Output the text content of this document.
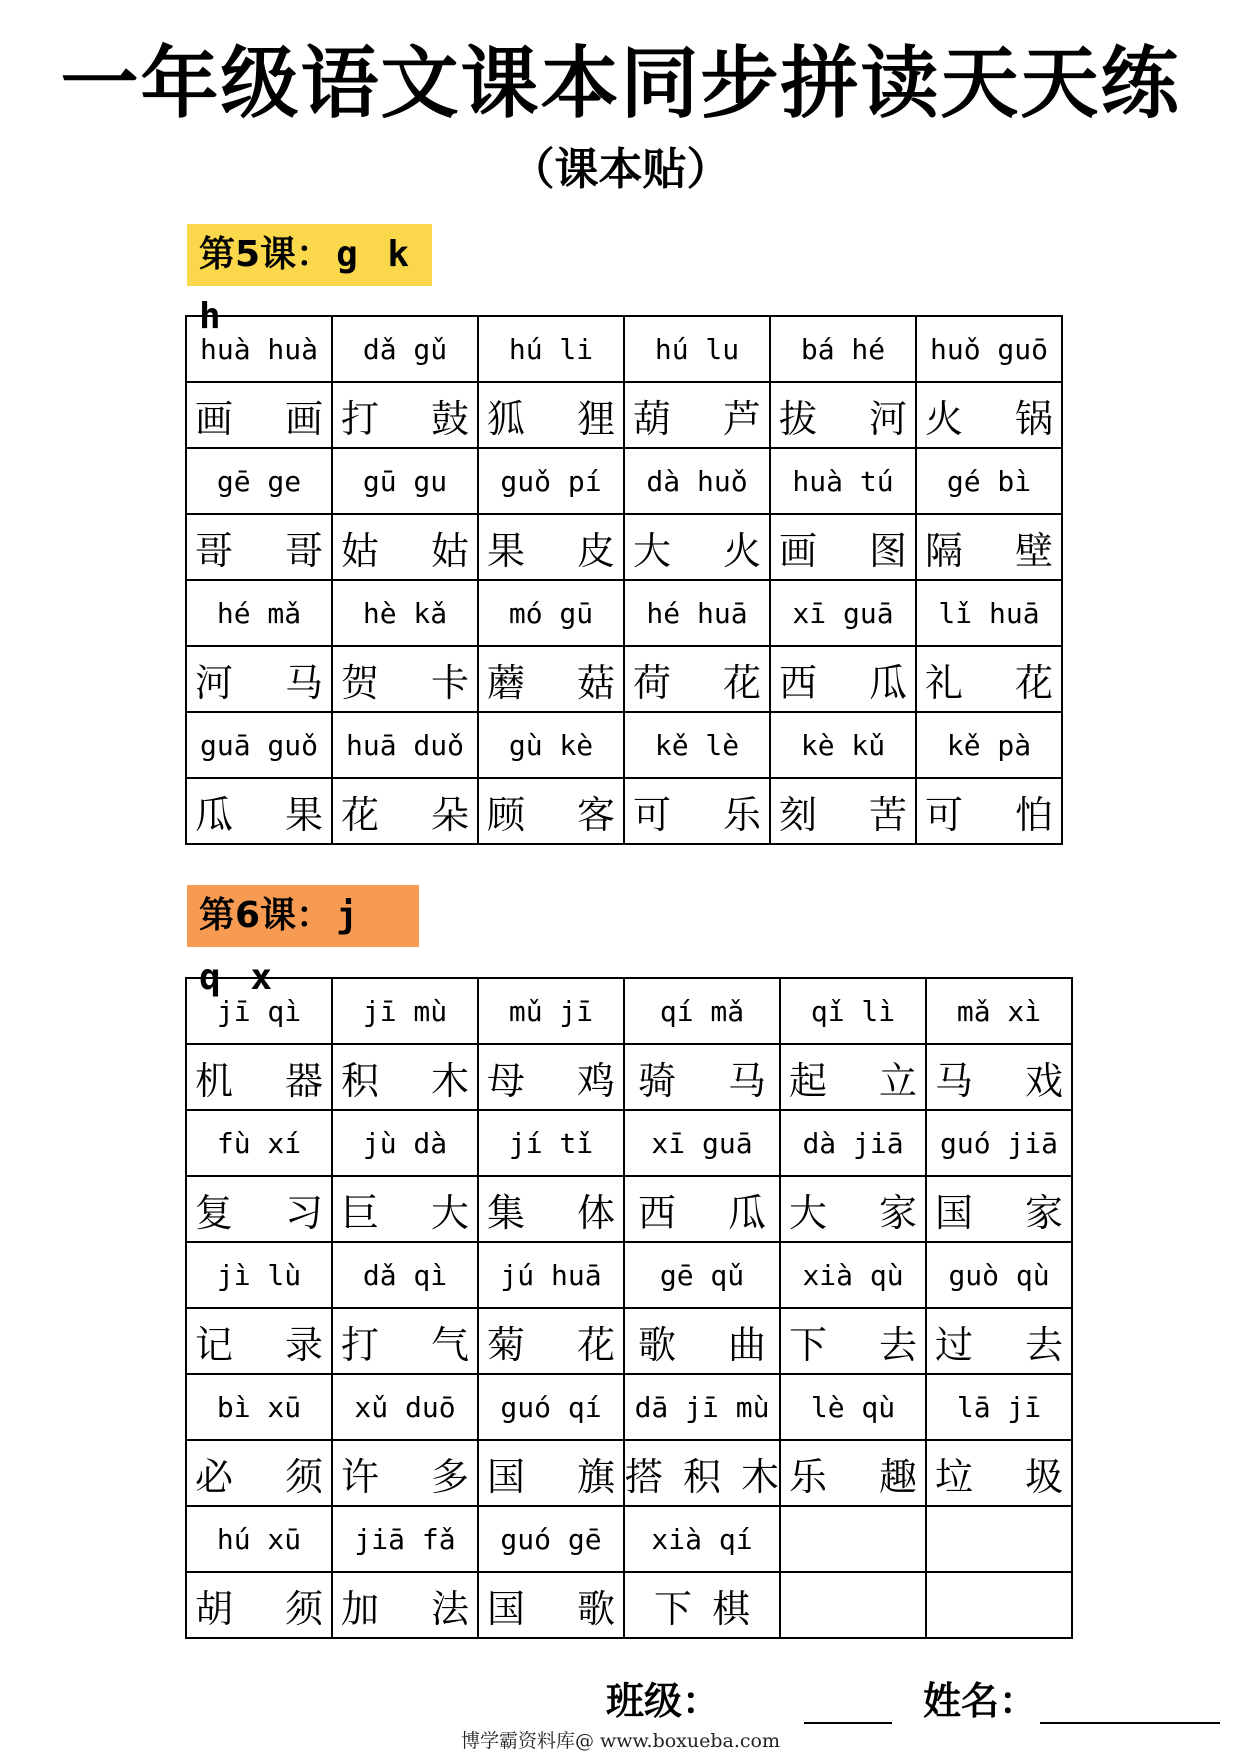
一年级语文课本同步拼读天天练
（课本贴）
第5课： g k h
huà huà	dǎ gǔ	hú li	hú lu	bá hé	huǒ guō
画 画	打 鼓	狐 狸	葫 芦	拔 河	火 锅
gē ge	gū gu	guǒ pí	dà huǒ	huà tú	gé bì
哥 哥	姑 姑	果 皮	大 火	画 图	隔 壁
hé mǎ	hè kǎ	mó gū	hé huā	xī guā	lǐ huā
河 马	贺 卡	蘑 菇	荷 花	西 瓜	礼 花
guā guǒ	huā duǒ	gù kè	kě lè	kè kǔ	kě pà
瓜 果	花 朵	顾 客	可 乐	刻 苦	可 怕
第6课： j q x
jī qì	jī mù	mǔ jī	qí mǎ	qǐ lì	mǎ xì
机 器	积 木	母 鸡	骑 马	起 立	马 戏
fù xí	jù dà	jí tǐ	xī guā	dà jiā	guó jiā
复 习	巨 大	集 体	西 瓜	大 家	国 家
jì lù	dǎ qì	jú huā	gē qǔ	xià qù	guò qù
记 录	打 气	菊 花	歌 曲	下 去	过 去
bì xū	xǔ duō	guó qí	dā jī mù	lè qù	lā jī
必 须	许 多	国 旗	搭积木	乐 趣	垃 圾
hú xū	jiā fǎ	guó gē	xià qí		
胡 须	加 法	国 歌	下棋		
班级：	姓名：
博学霸资料库@ www.boxueba.com
